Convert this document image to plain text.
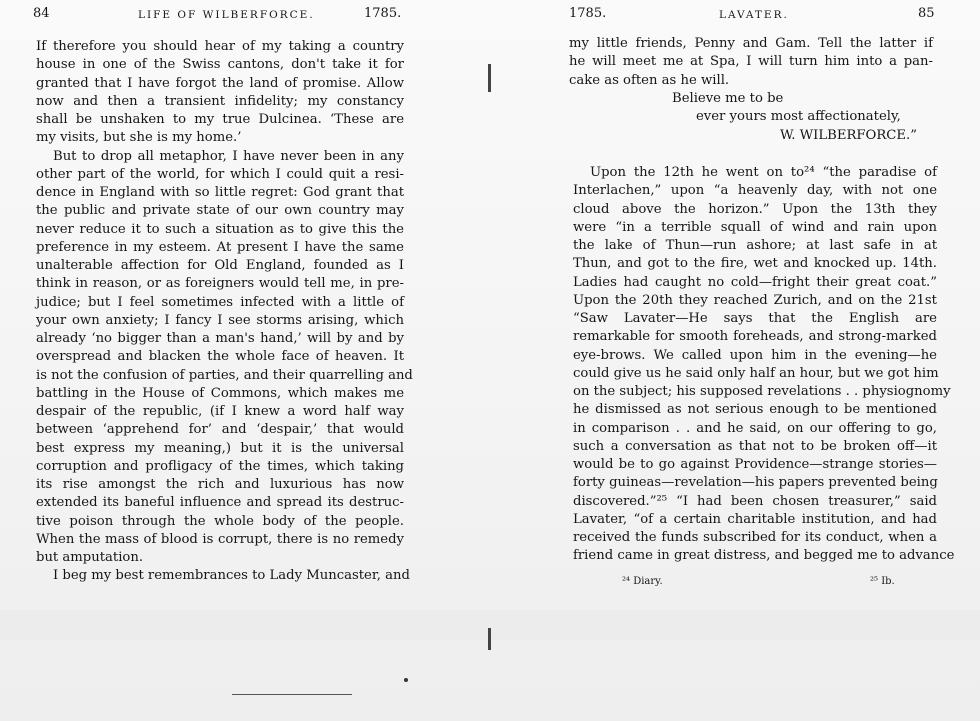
84	LIFE OF WILBERFORCE.	1785.
If therefore you should hear of my taking a country
house in one of the Swiss cantons, don't take it for
granted that I have forgot the land of promise. Allow
now and then a transient infidelity; my constancy
shall be unshaken to my true Dulcinea. ‘These are
my visits, but she is my home.’
But to drop all metaphor, I have never been in any
other part of the world, for which I could quit a resi-
dence in England with so little regret: God grant that
the public and private state of our own country may
never reduce it to such a situation as to give this the
preference in my esteem. At present I have the same
unalterable affection for Old England, founded as I
think in reason, or as foreigners would tell me, in pre-
judice; but I feel sometimes infected with a little of
your own anxiety; I fancy I see storms arising, which
already ‘no bigger than a man's hand,’ will by and by
overspread and blacken the whole face of heaven. It
is not the confusion of parties, and their quarrelling and
battling in the House of Commons, which makes me
despair of the republic, (if I knew a word half way
between ‘apprehend for’ and ‘despair,’ that would
best express my meaning,) but it is the universal
corruption and profligacy of the times, which taking
its rise amongst the rich and luxurious has now
extended its baneful influence and spread its destruc-
tive poison through the whole body of the people.
When the mass of blood is corrupt, there is no remedy
but amputation.
I beg my best remembrances to Lady Muncaster, and
1785.	LAVATER.	85
my little friends, Penny and Gam. Tell the latter if
he will meet me at Spa, I will turn him into a pan-
cake as often as he will.
Believe me to be
ever yours most affectionately,
W. WILBERFORCE.”
Upon the 12th he went on to²⁴ “the paradise of
Interlachen,” upon “a heavenly day, with not one
cloud above the horizon.” Upon the 13th they
were “in a terrible squall of wind and rain upon
the lake of Thun—run ashore; at last safe in at
Thun, and got to the fire, wet and knocked up. 14th.
Ladies had caught no cold—fright their great coat.”
Upon the 20th they reached Zurich, and on the 21st
“Saw Lavater—He says that the English are
remarkable for smooth foreheads, and strong-marked
eye-brows. We called upon him in the evening—he
could give us he said only half an hour, but we got him
on the subject; his supposed revelations . . physiognomy
he dismissed as not serious enough to be mentioned
in comparison . . and he said, on our offering to go,
such a conversation as that not to be broken off—it
would be to go against Providence—strange stories—
forty guineas—revelation—his papers prevented being
discovered.”²⁵ “I had been chosen treasurer,” said
Lavater, “of a certain charitable institution, and had
received the funds subscribed for its conduct, when a
friend came in great distress, and begged me to advance
²⁴ Diary.	²⁵ Ib.
